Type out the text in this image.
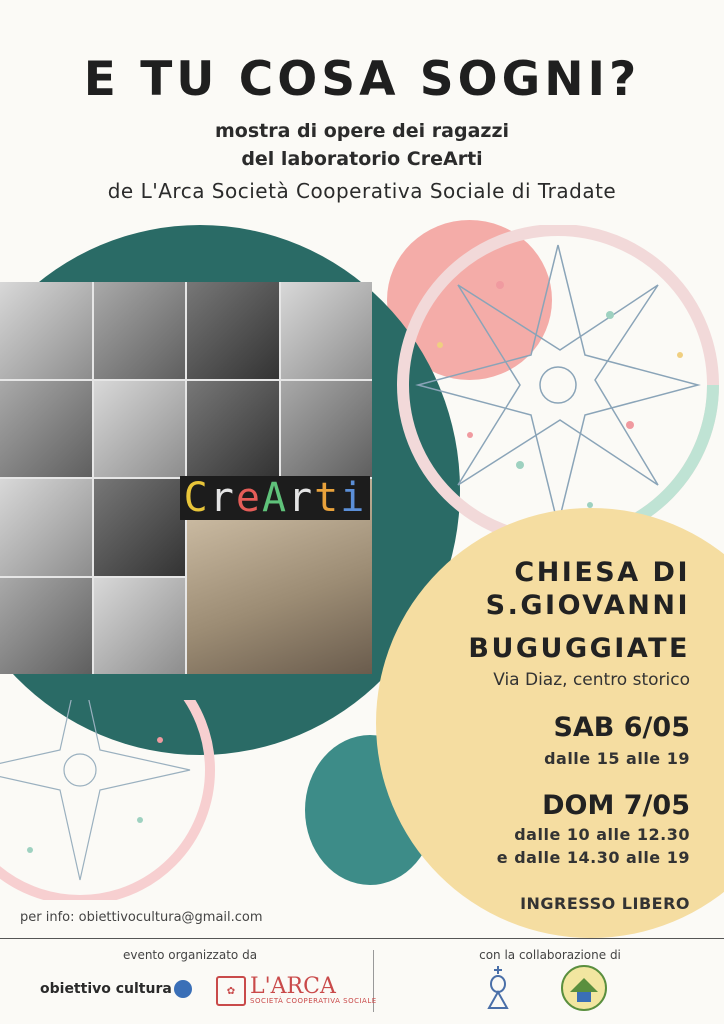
E TU COSA SOGNI?
mostra di opere dei ragazzi
del laboratorio CreArti
de L'Arca Società Cooperativa Sociale di Tradate
C r e A r t i
CHIESA DI
S.GIOVANNI
BUGUGGIATE
Via Diaz, centro storico
SAB 6/05
dalle 15 alle 19
DOM 7/05
dalle 10 alle 12.30
e dalle 14.30 alle 19
INGRESSO LIBERO
per info: obiettivocultura@gmail.com
evento organizzato da	con la collaborazione di
obiettivo cultura	✿ L'ARCA
SOCIETÀ COOPERATIVA SOCIALE
